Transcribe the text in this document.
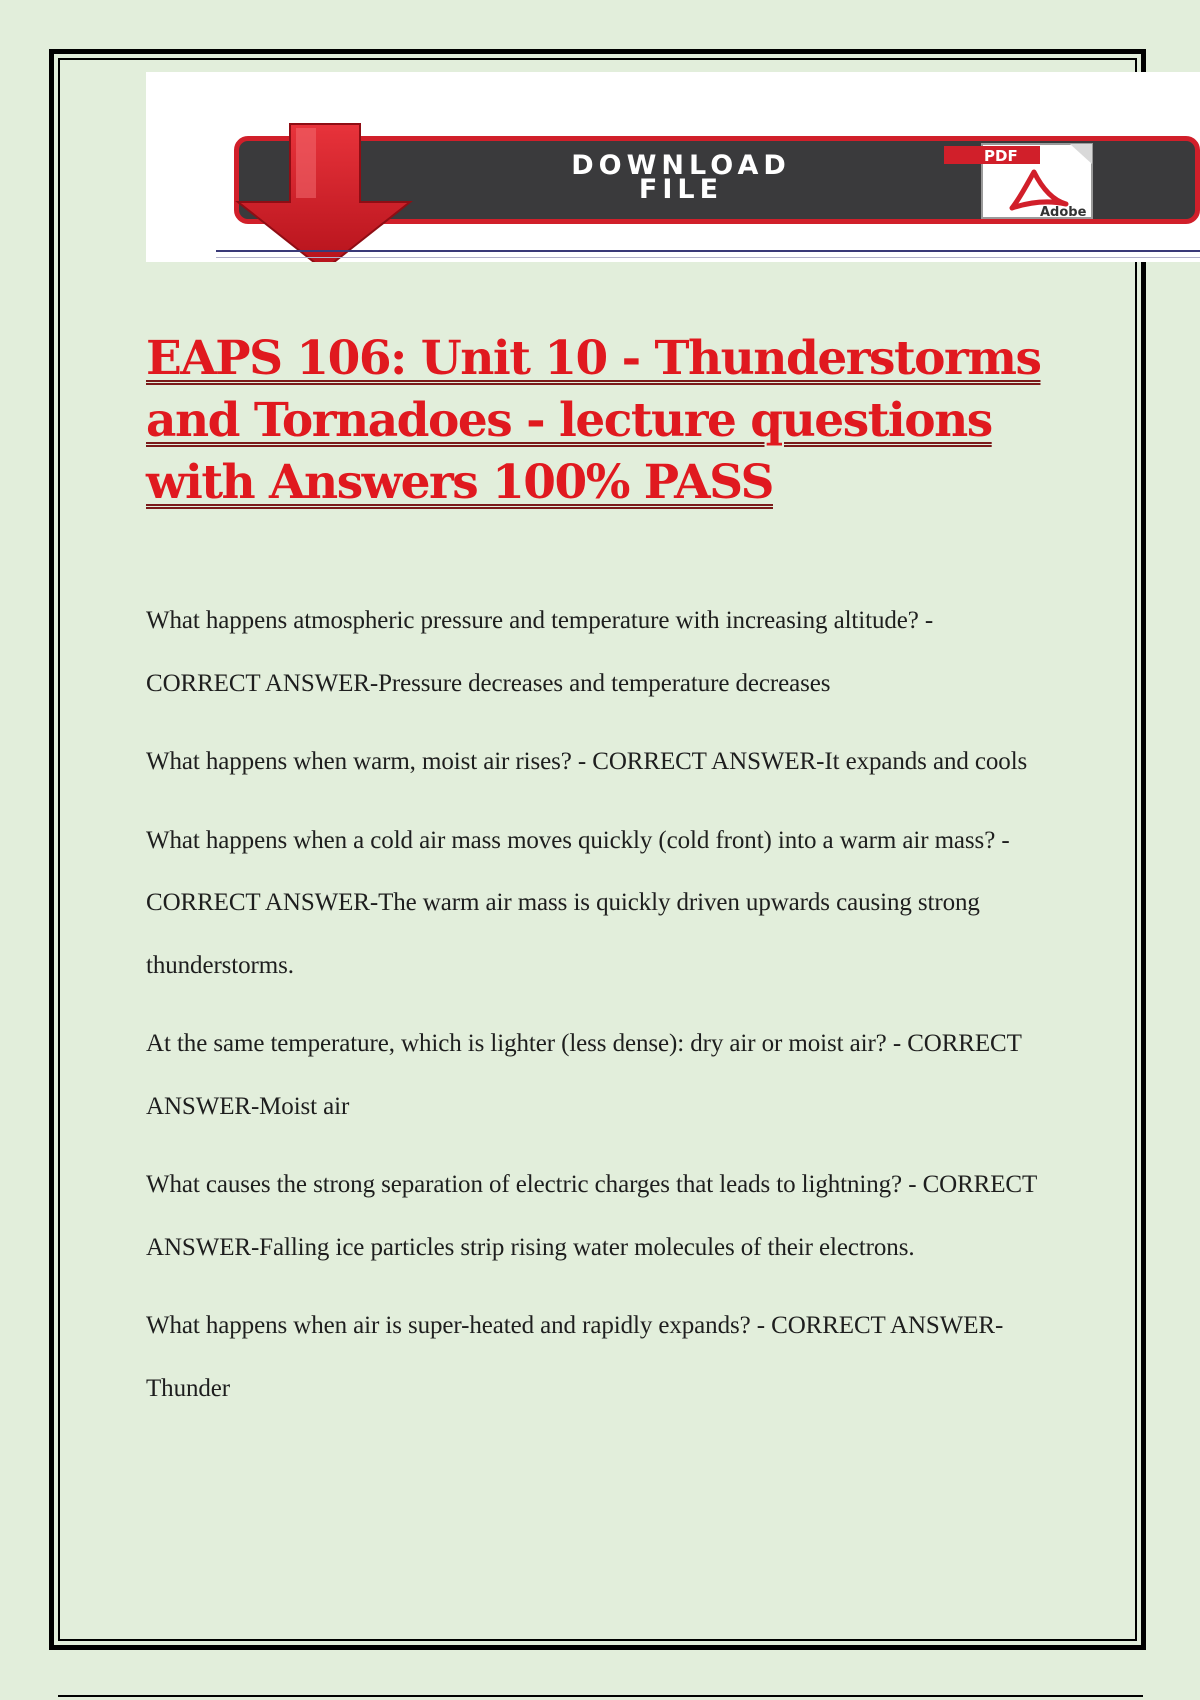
DOWNLOAD
FILE
PDF
Adobe
EAPS 106: Unit 10 - Thunderstorms and Tornadoes - lecture questions with Answers 100% PASS

What happens atmospheric pressure and temperature with increasing altitude? - CORRECT ANSWER-Pressure decreases and temperature decreases

What happens when warm, moist air rises? - CORRECT ANSWER-It expands and cools

What happens when a cold air mass moves quickly (cold front) into a warm air mass? - CORRECT ANSWER-The warm air mass is quickly driven upwards causing strong thunderstorms.

At the same temperature, which is lighter (less dense): dry air or moist air? - CORRECT ANSWER-Moist air

What causes the strong separation of electric charges that leads to lightning? - CORRECT ANSWER-Falling ice particles strip rising water molecules of their electrons.

What happens when air is super-heated and rapidly expands? - CORRECT ANSWER-Thunder
